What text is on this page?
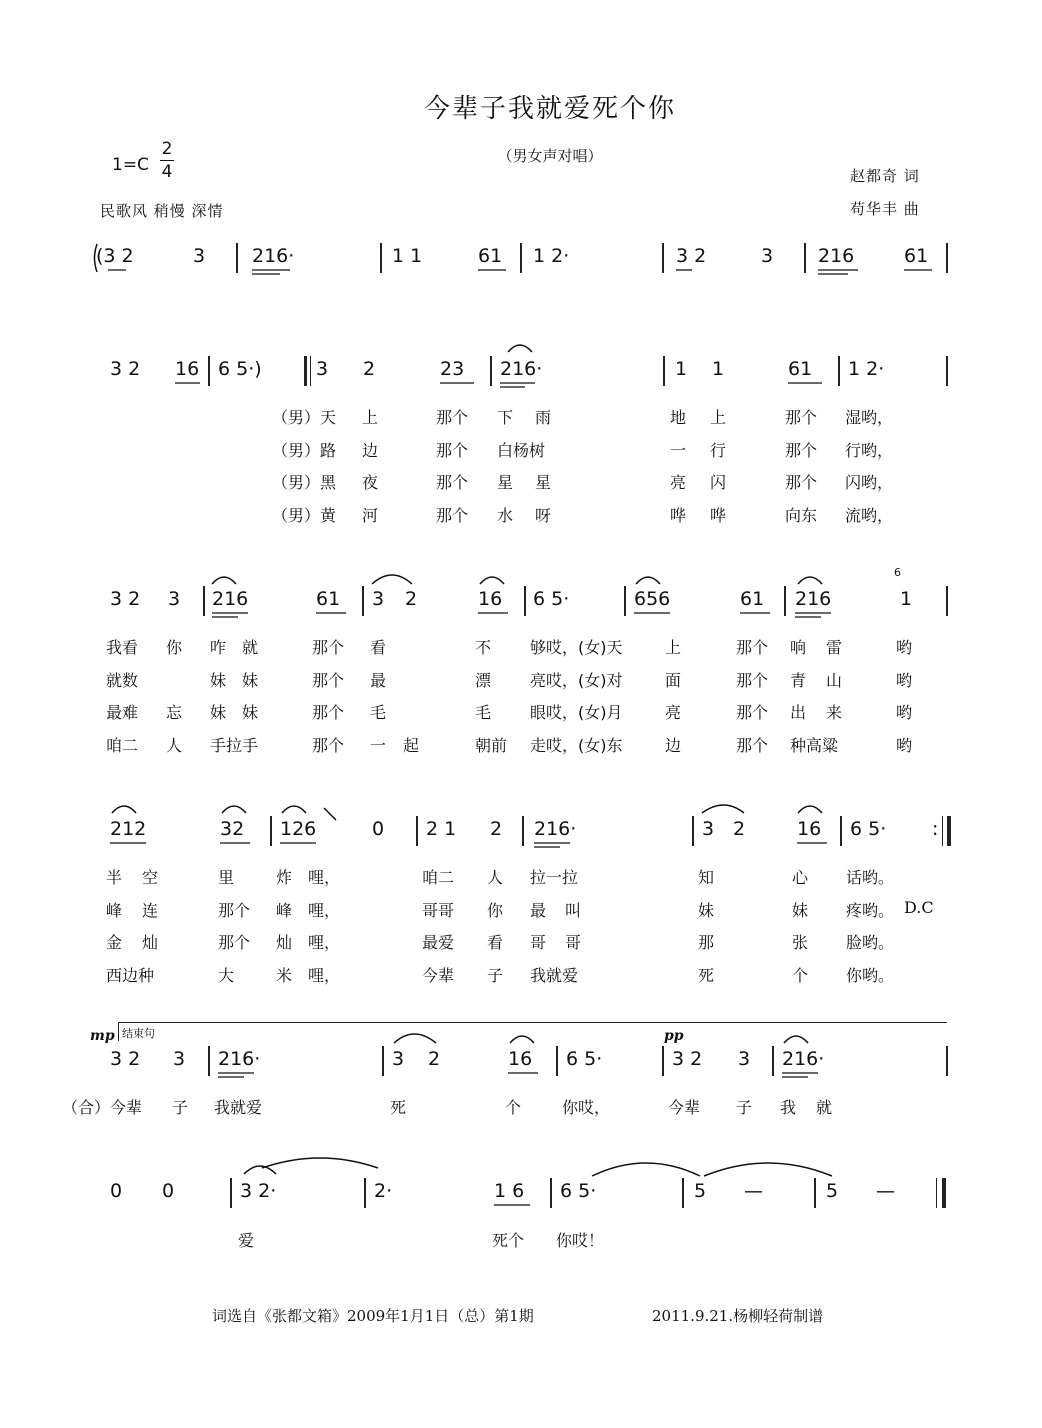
今辈子我就爱死个你
（男女声对唱）
1=C
2
4
民歌风 稍慢 深情
赵都奇 词
苟华丰 曲
(3 2	3 216·	1 1	61 1 2·	3 2	3 216	61
3 2 16 6 5·)	3 2	23 216·	1 1	61 1 2·
（男）天 上	那个 下 雨	地 上	那个 湿哟，
（男）路 边	那个 白杨树	一 行	那个 行哟，
（男）黑 夜	那个 星 星	亮 闪	那个 闪哟，
（男）黄 河	那个 水 呀	哗 哗	向东 流哟，
3 2 3 216	61 3 2	16 6 5·	656	61 216	1
6
我看 你 咋 就	那个 看	不 够哎，(女)天	上	那个 响 雷	哟
就数	妹 妹	那个 最	漂 亮哎，(女)对	面	那个 青 山	哟
最难 忘 妹 妹	那个 毛	毛 眼哎，(女)月	亮	那个 出 来	哟
咱二 人 手拉手	那个 一 起	朝前 走哎，(女)东	边	那个 种高粱	哟
212	32 126	0 2 1 2 216·	3 2	16 6 5· :
半 空	里	炸 哩，	咱二 人 拉一拉	知	心 话哟。
峰 连	那个 峰 哩，	哥哥 你 最 叫	妹	妹 疼哟。 D.C
金 灿	那个 灿 哩，	最爱 看 哥 哥	那	张 脸哟。
西边种	大	米 哩，	今辈 子 我就爱	死	个 你哟。
结束句
mp	pp
3 2 3 216·	3 2	16 6 5·	3 2 3 216·
（合）今辈 子 我就爱	死	个	你哎，	今辈 子 我 就
0 0	3 2·	2·	1 6 6 5·	5 —	5 —
爱	死个 你哎！
词选自《张都文箱》2009年1月1日（总）第1期	2011.9.21.杨柳轻荷制谱
